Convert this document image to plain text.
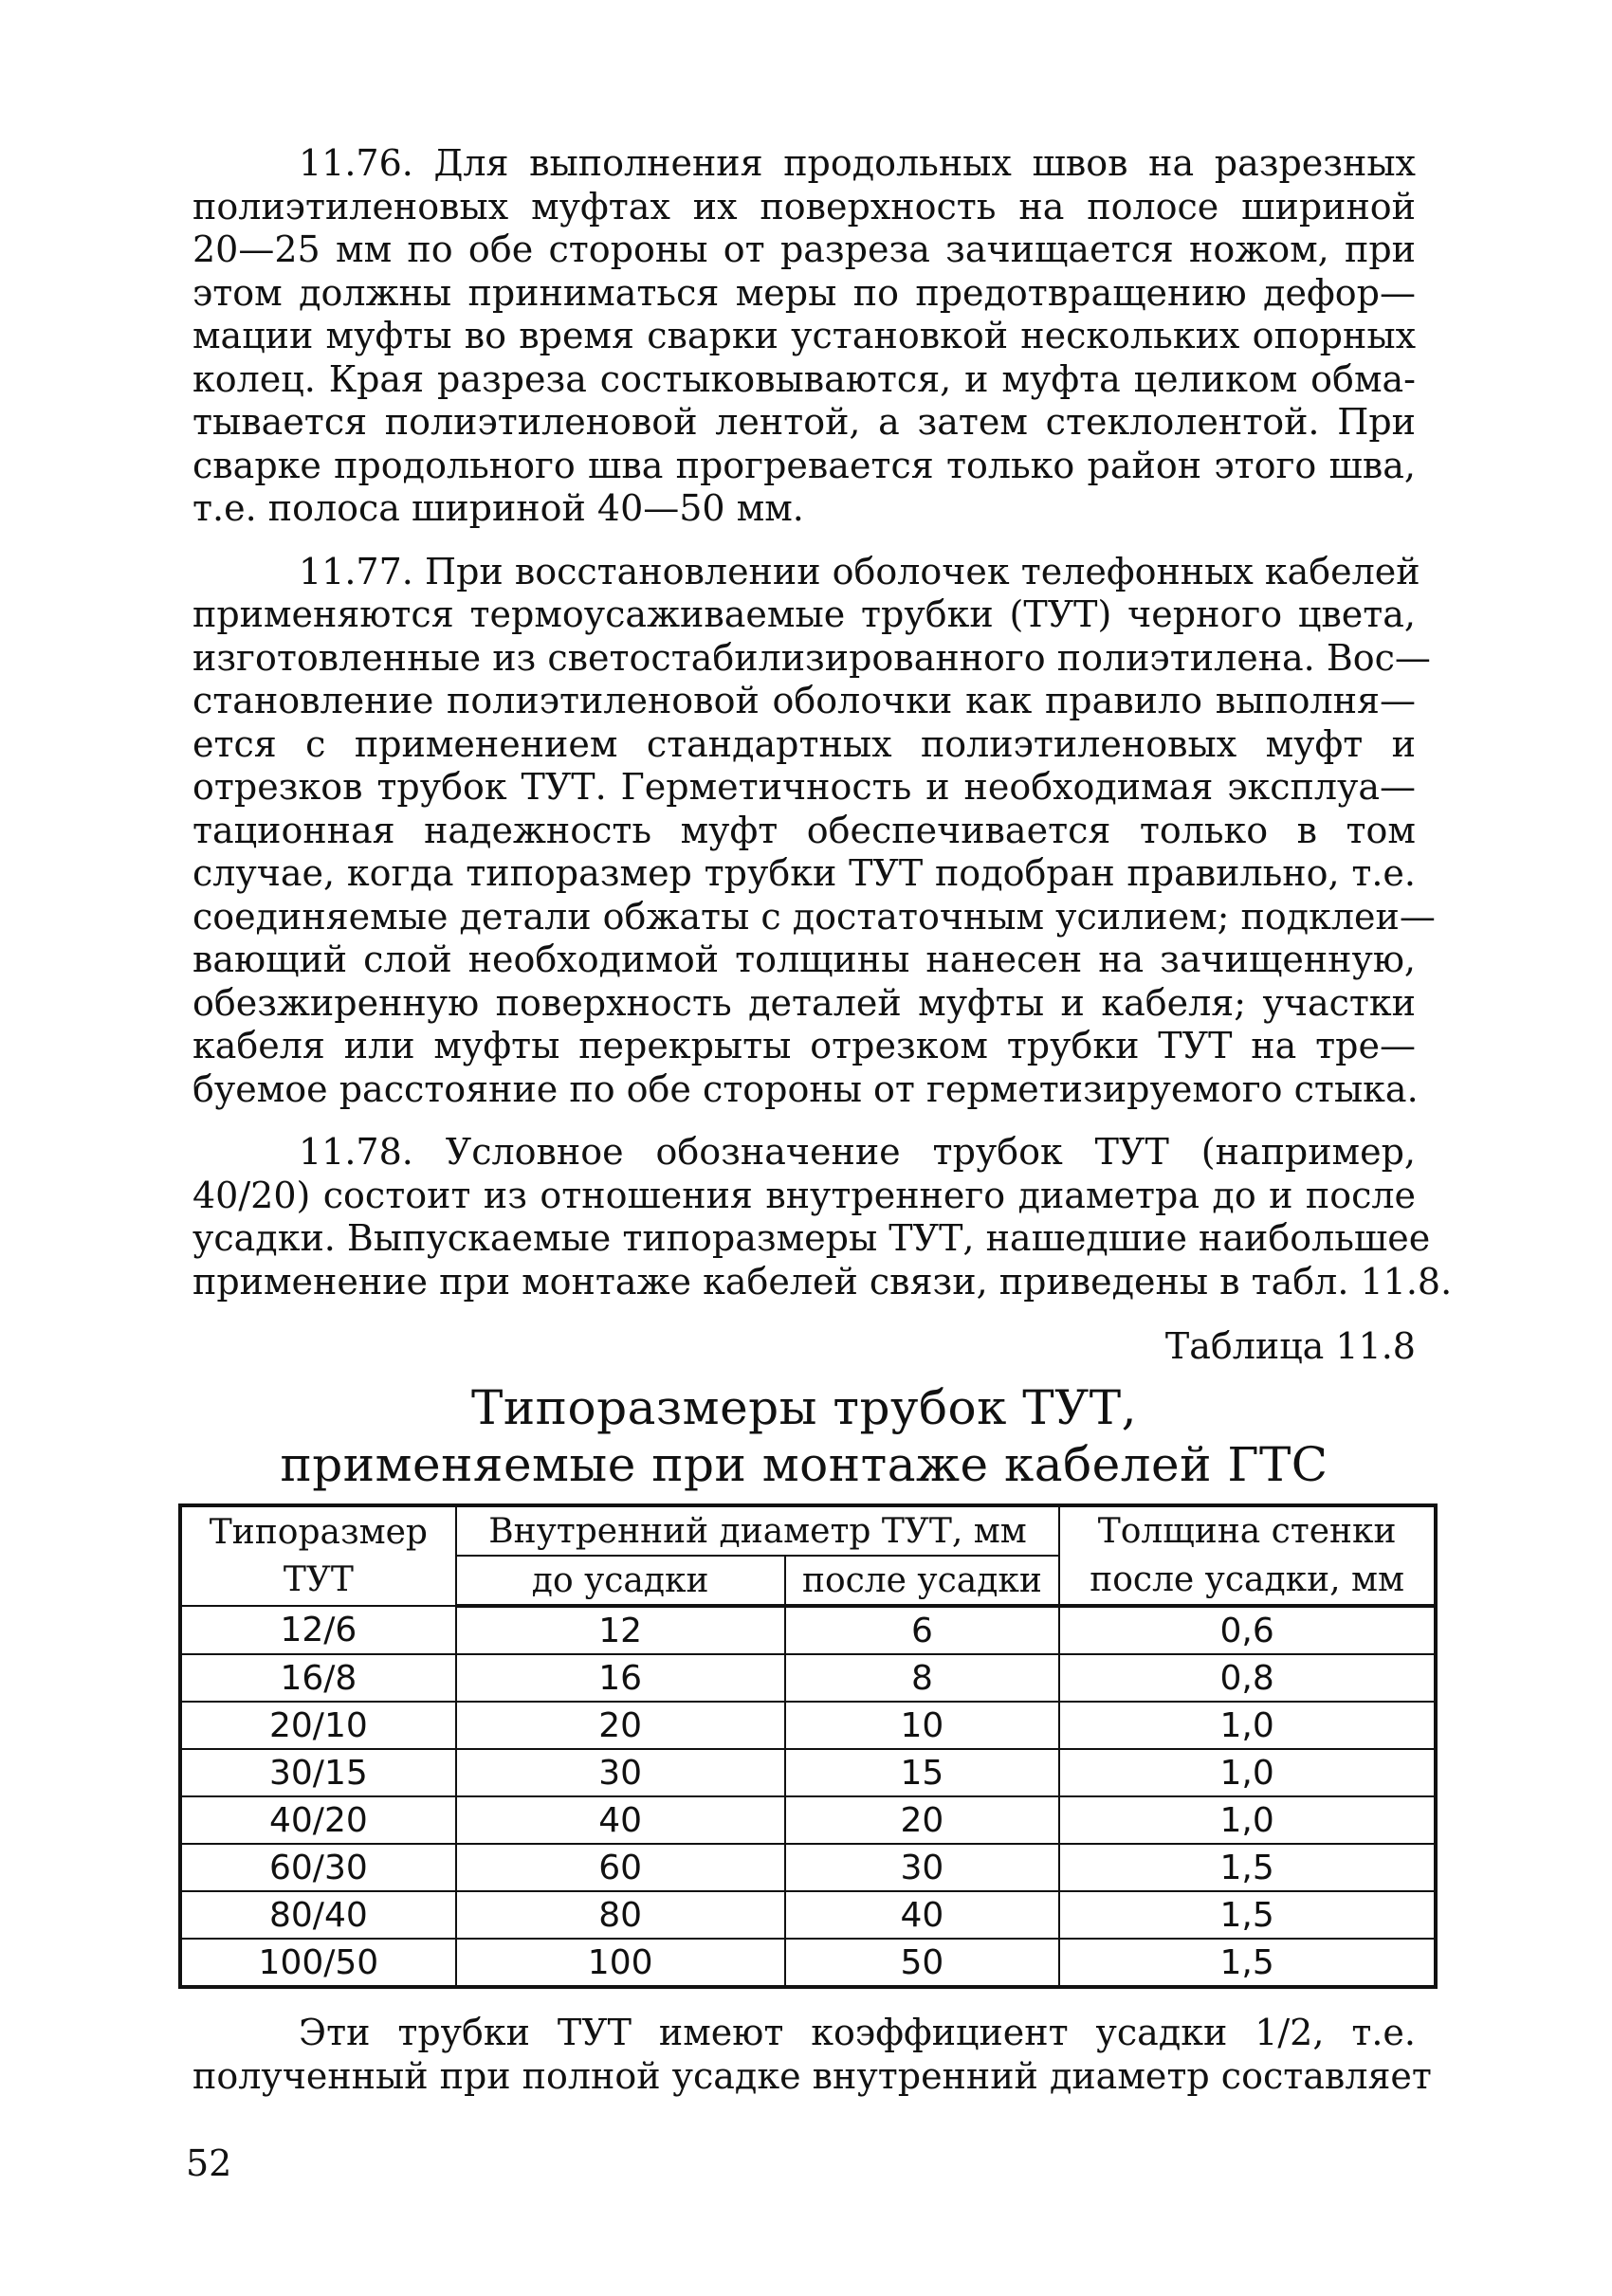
11.76. Для выполнения продольных швов на разрезных
полиэтиленовых муфтах их поверхность на полосе шириной
20—25 мм по обе стороны от разреза зачищается ножом, при
этом должны приниматься меры по предотвращению дефор—
мации муфты во время сварки установкой нескольких опорных
колец. Края разреза состыковываются, и муфта целиком обма-
тывается полиэтиленовой лентой, а затем стеклолентой. При
сварке продольного шва прогревается только район этого шва,
т.е. полоса шириной 40—50 мм.

11.77. При восстановлении оболочек телефонных кабелей
применяются термоусаживаемые трубки (ТУТ) черного цвета,
изготовленные из светостабилизированного полиэтилена. Вос—
становление полиэтиленовой оболочки как правило выполня—
ется с применением стандартных полиэтиленовых муфт и
отрезков трубок ТУТ. Герметичность и необходимая эксплуа—
тационная надежность муфт обеспечивается только в том
случае, когда типоразмер трубки ТУТ подобран правильно, т.е.
соединяемые детали обжаты с достаточным усилием; подклеи—
вающий слой необходимой толщины нанесен на зачищенную,
обезжиренную поверхность деталей муфты и кабеля; участки
кабеля или муфты перекрыты отрезком трубки ТУТ на тре—
буемое расстояние по обе стороны от герметизируемого стыка.

11.78. Условное обозначение трубок ТУТ (например,
40/20) состоит из отношения внутреннего диаметра до и после
усадки. Выпускаемые типоразмеры ТУТ, нашедшие наибольшее
применение при монтаже кабелей связи, приведены в табл. 11.8.

Таблица 11.8
Типоразмеры трубок ТУТ,
применяемые при монтаже кабелей ГТС
Типоразмер
ТУТ	Внутренний диаметр ТУТ, мм		Толщина стенки
	до усадки	после усадки	после усадки, мм
12/6	12	6	0,6
16/8	16	8	0,8
20/10	20	10	1,0
30/15	30	15	1,0
40/20	40	20	1,0
60/30	60	30	1,5
80/40	80	40	1,5
100/50	100	50	1,5

Эти трубки ТУТ имеют коэффициент усадки 1/2, т.е.
полученный при полной усадке внутренний диаметр составляет

52
